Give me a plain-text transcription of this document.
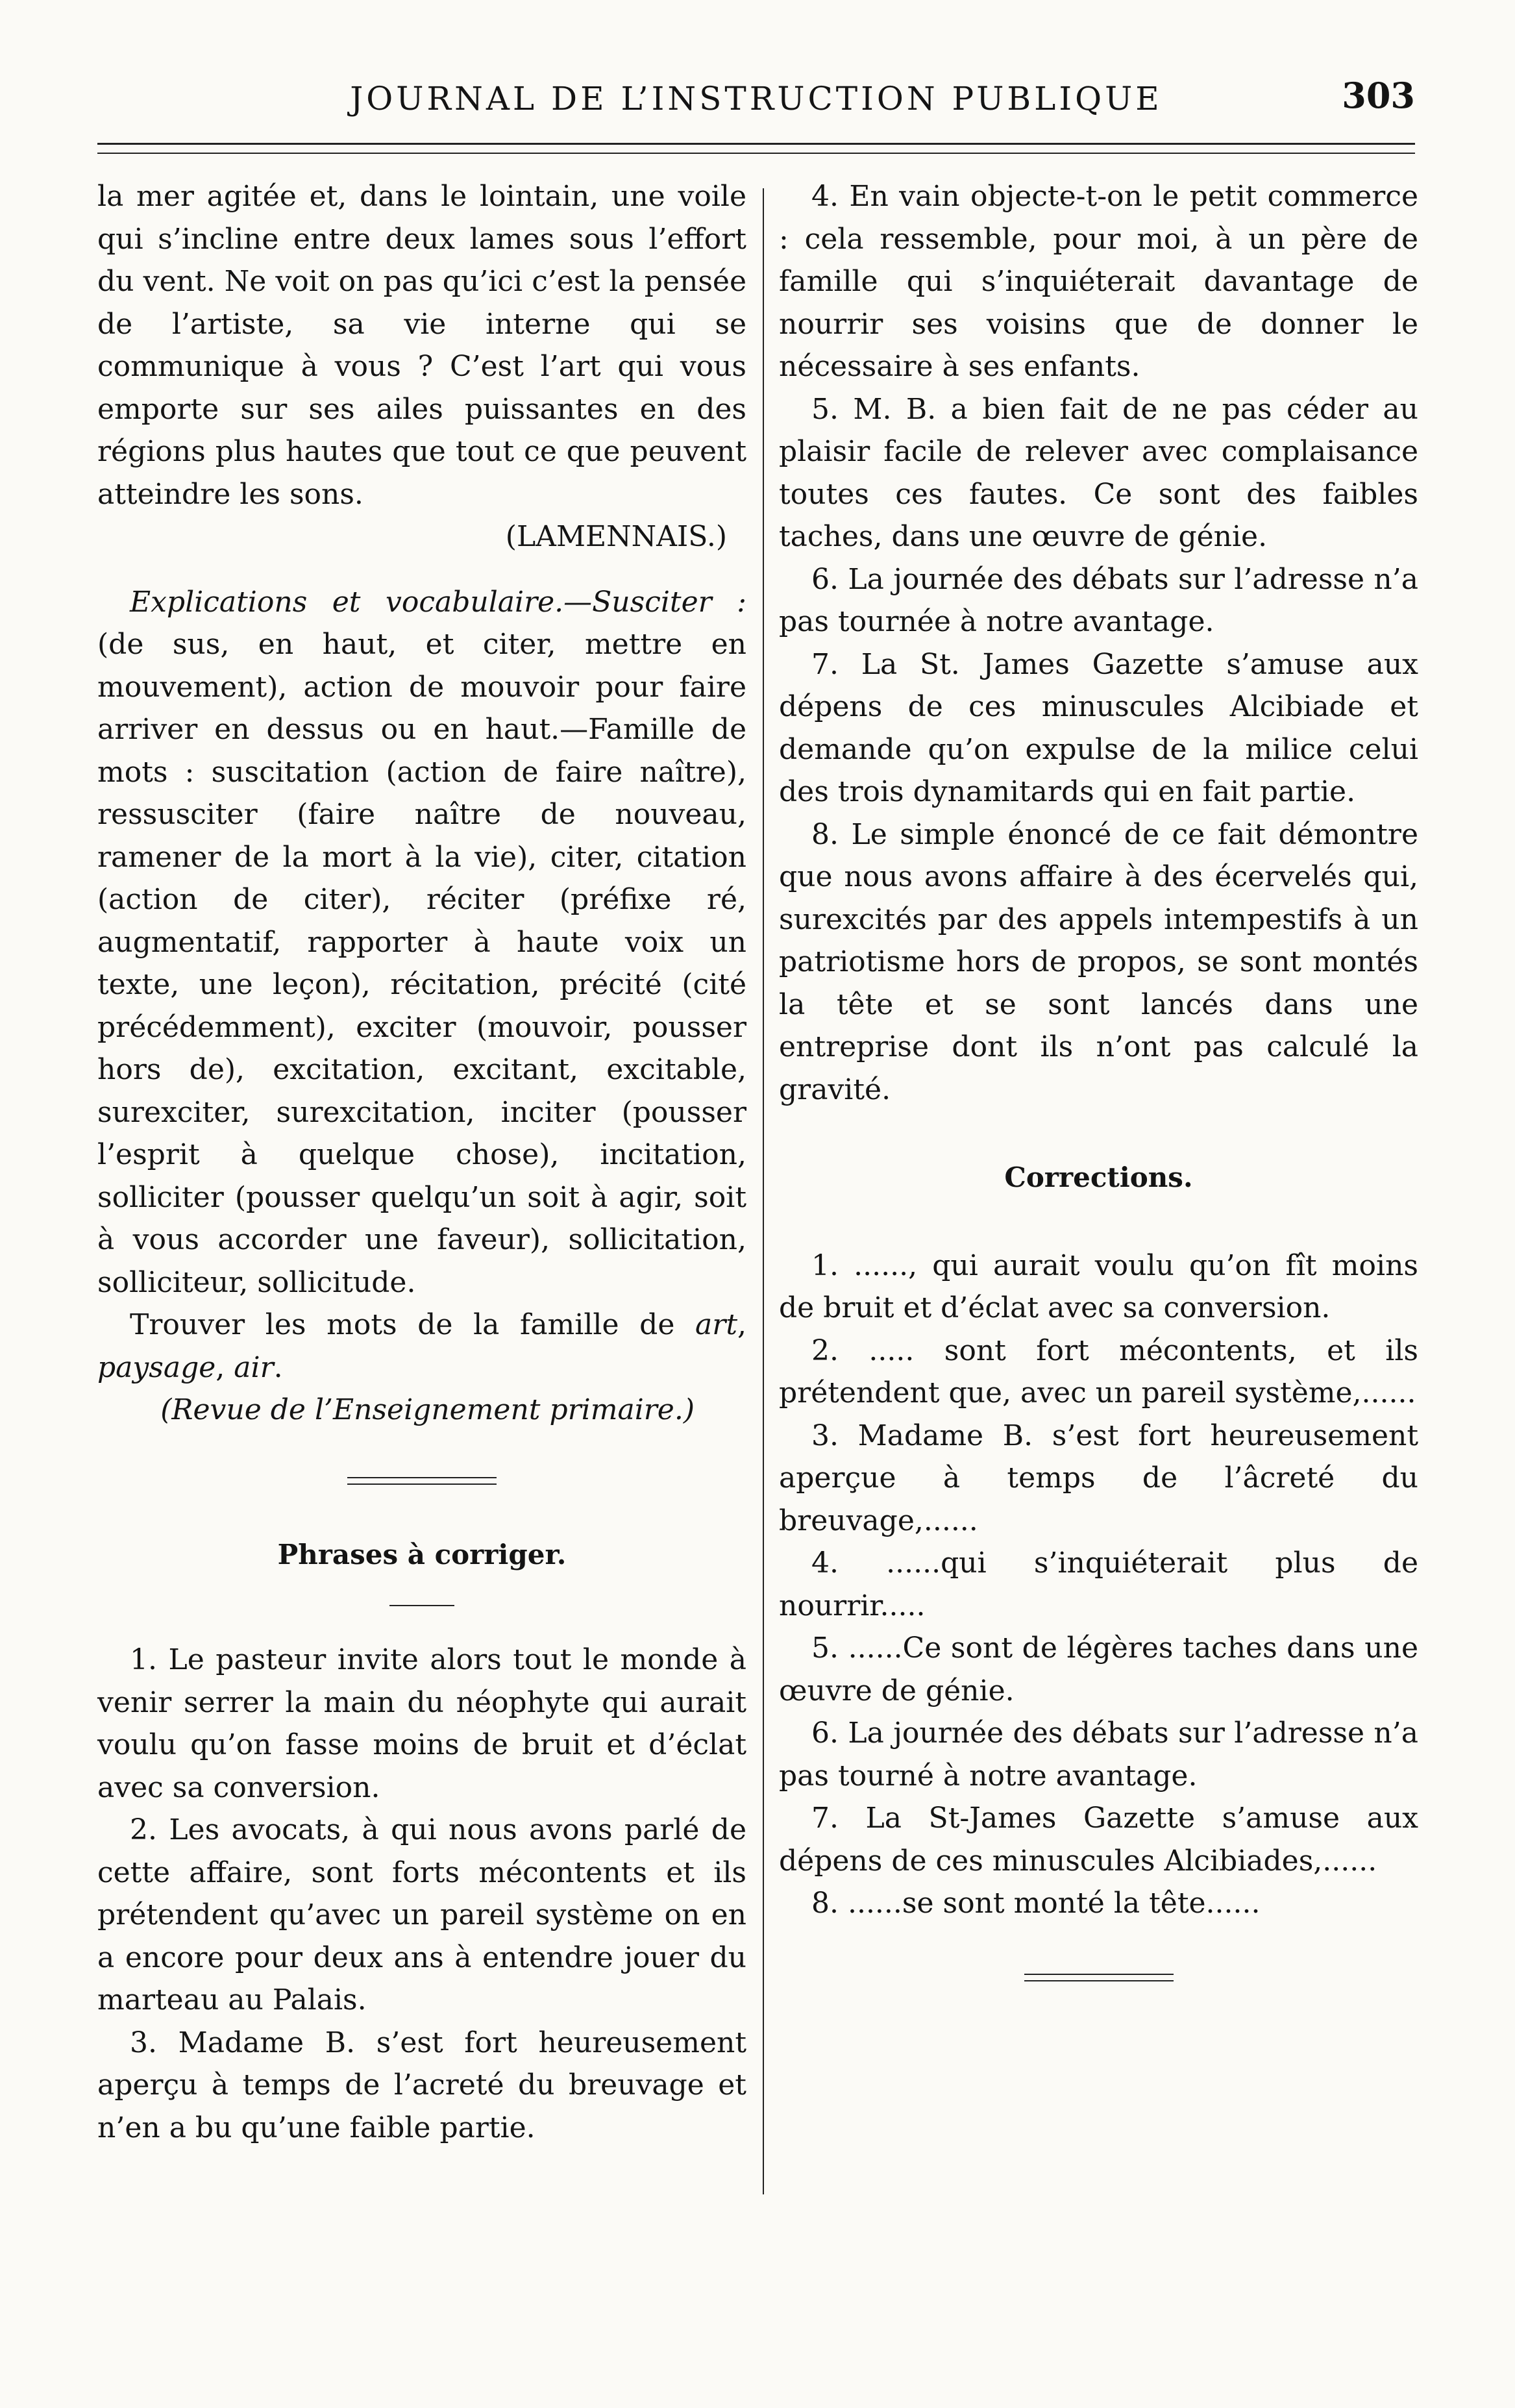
JOURNAL DE L’INSTRUCTION PUBLIQUE	303

la mer agitée et, dans le lointain, une voile qui s’incline entre deux lames sous l’effort du vent. Ne voit on pas qu’ici c’est la pensée de l’artiste, sa vie interne qui se communique à vous ? C’est l’art qui vous emporte sur ses ailes puissantes en des régions plus hautes que tout ce que peuvent atteindre les sons.

(LAMENNAIS.)

Explications et vocabulaire.—Susciter : (de sus, en haut, et citer, mettre en mouvement), action de mouvoir pour faire arriver en dessus ou en haut.—Famille de mots : suscitation (action de faire naître), ressusciter (faire naître de nouveau, ramener de la mort à la vie), citer, citation (action de citer), réciter (préfixe ré, augmentatif, rapporter à haute voix un texte, une leçon), récitation, précité (cité précédemment), exciter (mouvoir, pousser hors de), excitation, excitant, excitable, surexciter, surexcitation, inciter (pousser l’esprit à quelque chose), incitation, solliciter (pousser quelqu’un soit à agir, soit à vous accorder une faveur), sollicitation, solliciteur, sollicitude.

Trouver les mots de la famille de art, paysage, air.

(Revue de l’Enseignement primaire.)

Phrases à corriger.

1. Le pasteur invite alors tout le monde à venir serrer la main du néophyte qui aurait voulu qu’on fasse moins de bruit et d’éclat avec sa conversion.

2. Les avocats, à qui nous avons parlé de cette affaire, sont forts mécontents et ils prétendent qu’avec un pareil système on en a encore pour deux ans à entendre jouer du marteau au Palais.

3. Madame B. s’est fort heureusement aperçu à temps de l’acreté du breuvage et n’en a bu qu’une faible partie.

4. En vain objecte-t-on le petit commerce : cela ressemble, pour moi, à un père de famille qui s’inquiéterait davantage de nourrir ses voisins que de donner le nécessaire à ses enfants.

5. M. B. a bien fait de ne pas céder au plaisir facile de relever avec complaisance toutes ces fautes. Ce sont des faibles taches, dans une œuvre de génie.

6. La journée des débats sur l’adresse n’a pas tournée à notre avantage.

7. La St. James Gazette s’amuse aux dépens de ces minuscules Alcibiade et demande qu’on expulse de la milice celui des trois dynamitards qui en fait partie.

8. Le simple énoncé de ce fait démontre que nous avons affaire à des écervelés qui, surexcités par des appels intempestifs à un patriotisme hors de propos, se sont montés la tête et se sont lancés dans une entreprise dont ils n’ont pas calculé la gravité.

Corrections.

1. ......, qui aurait voulu qu’on fît moins de bruit et d’éclat avec sa conversion.

2. ..... sont fort mécontents, et ils prétendent que, avec un pareil système,......

3. Madame B. s’est fort heureusement aperçue à temps de l’âcreté du breuvage,......

4. ......qui s’inquiéterait plus de nourrir.....

5. ......Ce sont de légères taches dans une œuvre de génie.

6. La journée des débats sur l’adresse n’a pas tourné à notre avantage.

7. La St-James Gazette s’amuse aux dépens de ces minuscules Alcibiades,......

8. ......se sont monté la tête......
